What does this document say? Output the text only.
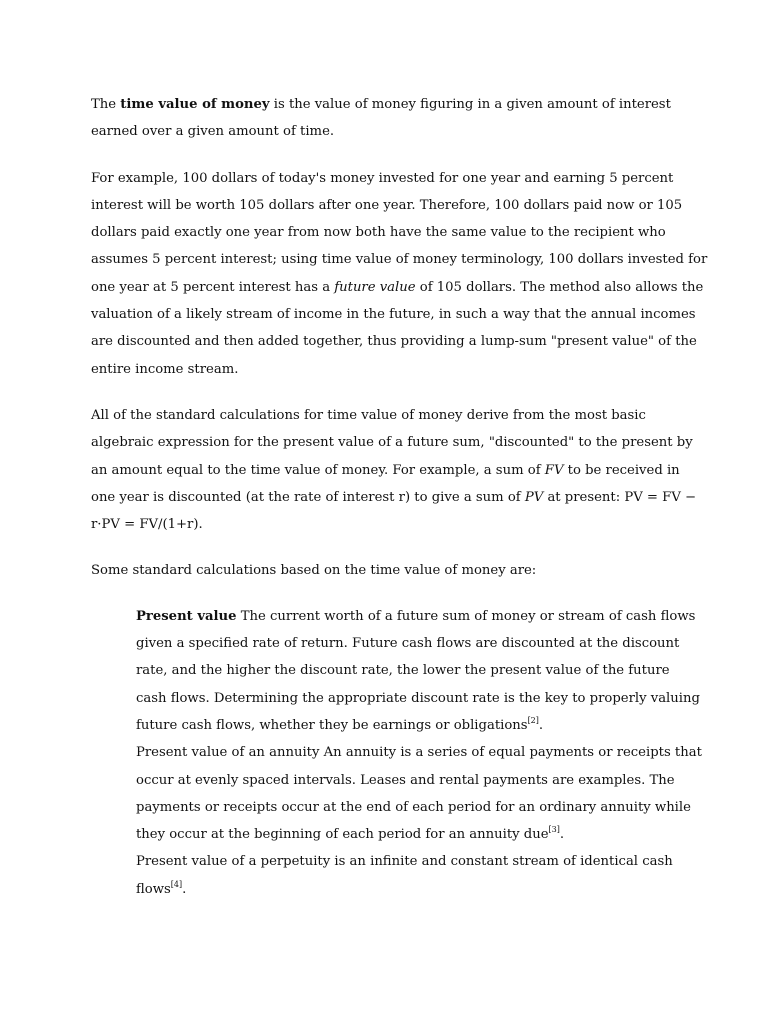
The time value of money is the value of money figuring in a given amount of interest earned over a given amount of time.

For example, 100 dollars of today's money invested for one year and earning 5 percent interest will be worth 105 dollars after one year. Therefore, 100 dollars paid now or 105 dollars paid exactly one year from now both have the same value to the recipient who assumes 5 percent interest; using time value of money terminology, 100 dollars invested for one year at 5 percent interest has a future value of 105 dollars. The method also allows the valuation of a likely stream of income in the future, in such a way that the annual incomes are discounted and then added together, thus providing a lump-sum "present value" of the entire income stream.

All of the standard calculations for time value of money derive from the most basic algebraic expression for the present value of a future sum, "discounted" to the present by an amount equal to the time value of money. For example, a sum of FV to be received in one year is discounted (at the rate of interest r) to give a sum of PV at present: PV = FV − r·PV = FV/(1+r).

Some standard calculations based on the time value of money are:

Present value The current worth of a future sum of money or stream of cash flows given a specified rate of return. Future cash flows are discounted at the discount rate, and the higher the discount rate, the lower the present value of the future cash flows. Determining the appropriate discount rate is the key to properly valuing future cash flows, whether they be earnings or obligations[2].

Present value of an annuity An annuity is a series of equal payments or receipts that occur at evenly spaced intervals. Leases and rental payments are examples. The payments or receipts occur at the end of each period for an ordinary annuity while they occur at the beginning of each period for an annuity due[3].

Present value of a perpetuity is an infinite and constant stream of identical cash flows[4].
